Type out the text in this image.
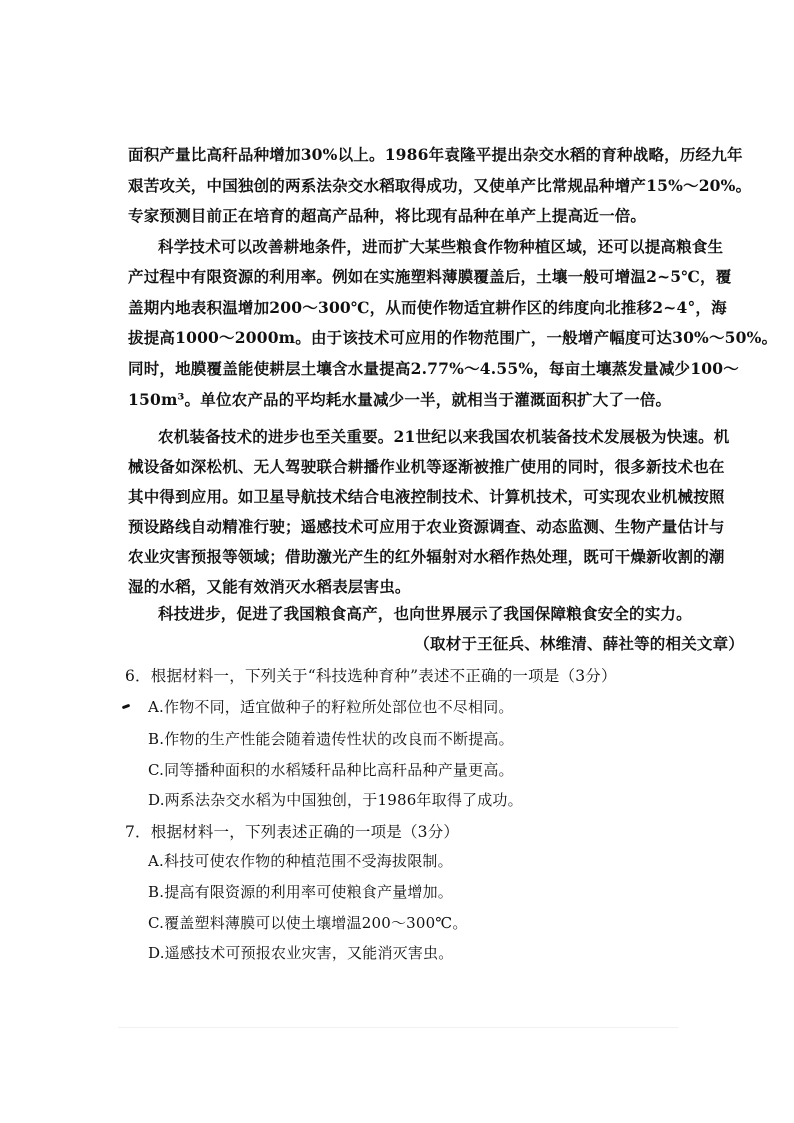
面积产量比高秆品种增加30%以上。1986年袁隆平提出杂交水稻的育种战略，历经九年
艰苦攻关，中国独创的两系法杂交水稻取得成功，又使单产比常规品种增产15%～20%。
专家预测目前正在培育的超高产品种，将比现有品种在单产上提高近一倍。
科学技术可以改善耕地条件，进而扩大某些粮食作物种植区域，还可以提高粮食生
产过程中有限资源的利用率。例如在实施塑料薄膜覆盖后，土壤一般可增温2~5℃，覆
盖期内地表积温增加200～300℃，从而使作物适宜耕作区的纬度向北推移2~4°，海
拔提高1000～2000m。由于该技术可应用的作物范围广，一般增产幅度可达30%～50%。
同时，地膜覆盖能使耕层土壤含水量提高2.77%～4.55%，每亩土壤蒸发量减少100～
150m³。单位农产品的平均耗水量减少一半，就相当于灌溉面积扩大了一倍。
农机装备技术的进步也至关重要。21世纪以来我国农机装备技术发展极为快速。机
械设备如深松机、无人驾驶联合耕播作业机等逐渐被推广使用的同时，很多新技术也在
其中得到应用。如卫星导航技术结合电液控制技术、计算机技术，可实现农业机械按照
预设路线自动精准行驶；遥感技术可应用于农业资源调查、动态监测、生物产量估计与
农业灾害预报等领域；借助激光产生的红外辐射对水稻作热处理，既可干燥新收割的潮
湿的水稻，又能有效消灭水稻表层害虫。
科技进步，促进了我国粮食高产，也向世界展示了我国保障粮食安全的实力。
（取材于王征兵、林维清、薛社等的相关文章）
6．根据材料一，下列关于“科技选种育种”表述不正确的一项是（3分）
A.作物不同，适宜做种子的籽粒所处部位也不尽相同。
B.作物的生产性能会随着遗传性状的改良而不断提高。
C.同等播种面积的水稻矮秆品种比高秆品种产量更高。
D.两系法杂交水稻为中国独创，于1986年取得了成功。
7．根据材料一，下列表述正确的一项是（3分）
A.科技可使农作物的种植范围不受海拔限制。
B.提高有限资源的利用率可使粮食产量增加。
C.覆盖塑料薄膜可以使土壤增温200～300℃。
D.遥感技术可预报农业灾害，又能消灭害虫。
